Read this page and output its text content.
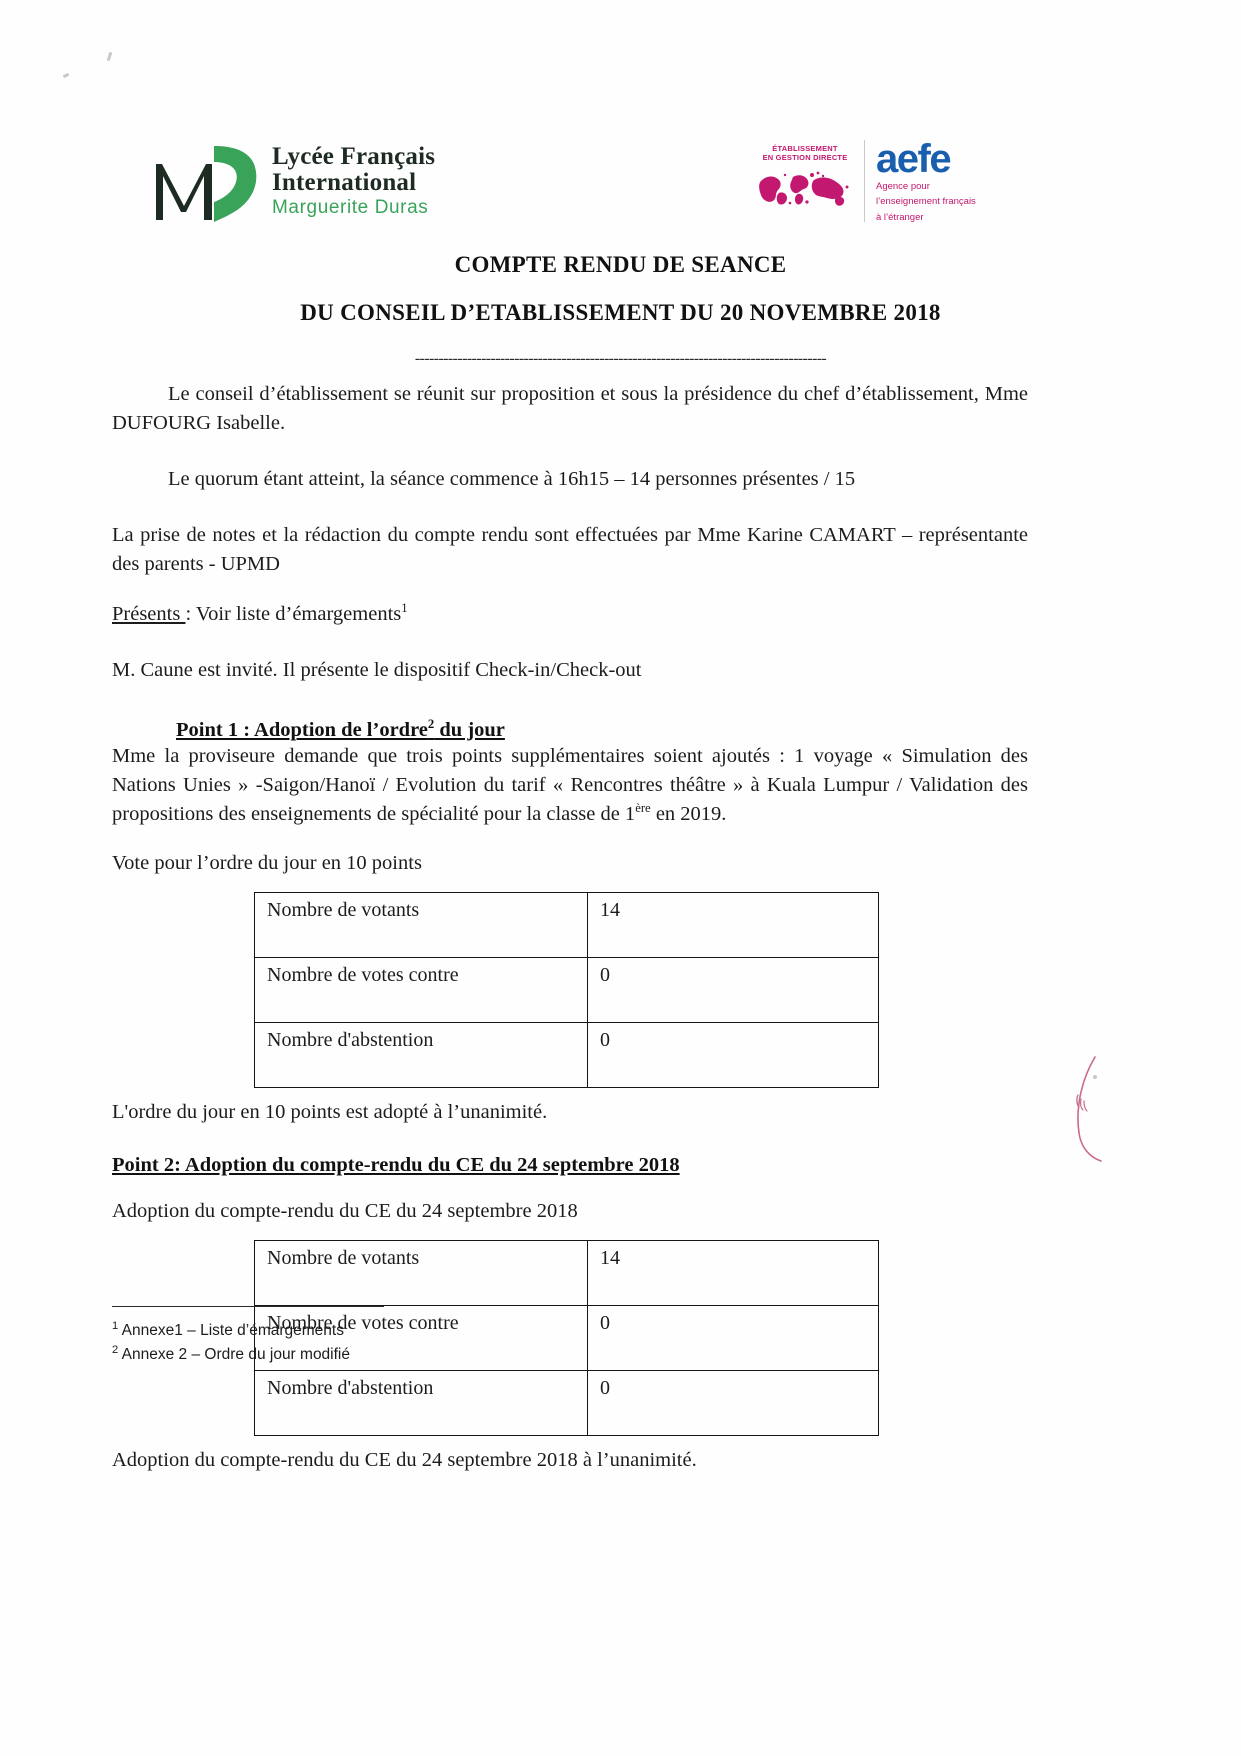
Lycée Français
International
Marguerite Duras
ÉTABLISSEMENT
EN GESTION DIRECTE aefe
Agence pour
l’enseignement français
à l’étranger
COMPTE RENDU DE SEANCE
DU CONSEIL D’ETABLISSEMENT DU 20 NOVEMBRE 2018
---------------------------------------------------------------------------------------

Le conseil d’établissement se réunit sur proposition et sous la présidence du chef d’établissement, Mme DUFOURG Isabelle.

Le quorum étant atteint, la séance commence à 16h15 – 14 personnes présentes / 15

La prise de notes et la rédaction du compte rendu sont effectuées par Mme Karine CAMART – représentante des parents - UPMD

Présents : Voir liste d’émargements$^1$

M. Caune est invité. Il présente le dispositif Check-in/Check-out

Point 1 : Adoption de l’ordre$^2$ du jour

Mme la proviseure demande que trois points supplémentaires soient ajoutés : 1 voyage « Simulation des Nations Unies » -Saigon/Hanoï / Evolution du tarif « Rencontres théâtre » à Kuala Lumpur / Validation des propositions des enseignements de spécialité pour la classe de 1ère en 2019.

Vote pour l’ordre du jour en 10 points

Nombre de votants	14
Nombre de votes contre	0
Nombre d'abstention	0

L'ordre du jour en 10 points est adopté à l’unanimité.

Point 2: Adoption du compte-rendu du CE du 24 septembre 2018

Adoption du compte-rendu du CE du 24 septembre 2018

Nombre de votants	14
Nombre de votes contre	0
Nombre d'abstention	0

Adoption du compte-rendu du CE du 24 septembre 2018 à l’unanimité.

$^1$ Annexe1 – Liste d’émargements
$^2$ Annexe 2 – Ordre du jour modifié
